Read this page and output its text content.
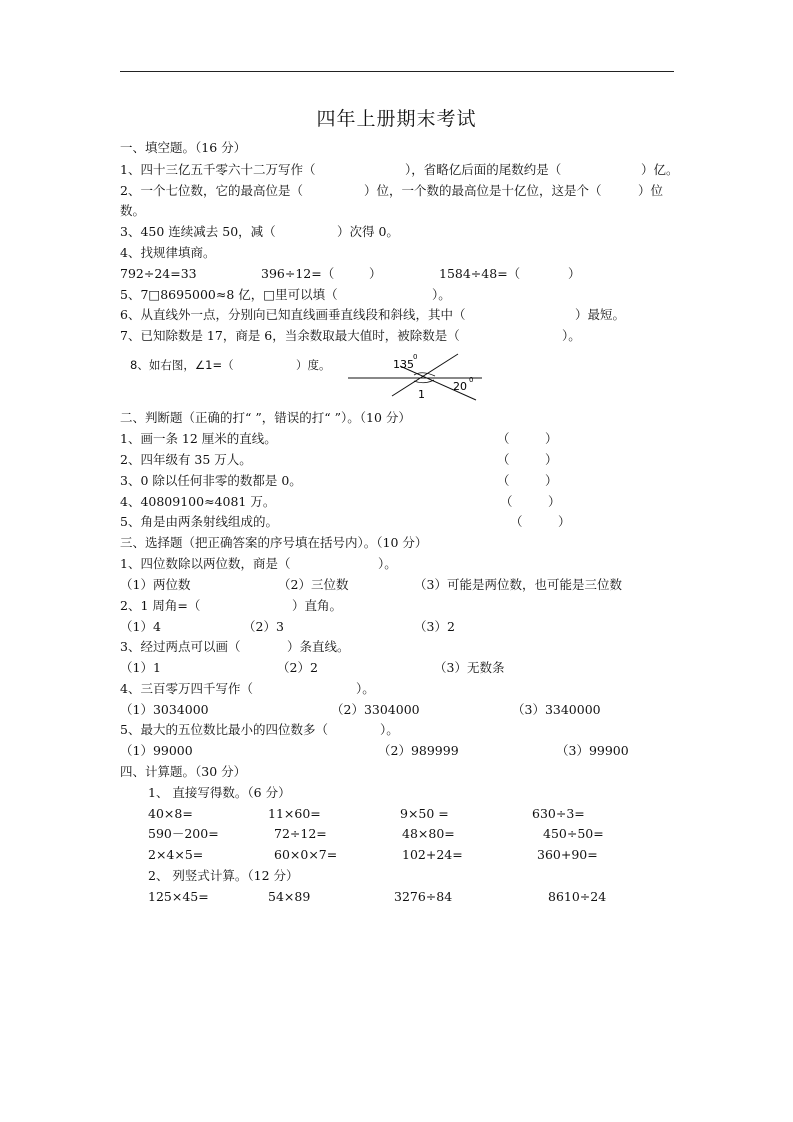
四年上册期末考试
一、填空题。（16 分）
1、四十三亿五千零六十二万写作（	），省略亿后面的尾数约是（	）亿。
2、一个七位数，它的最高位是（	）位，一个数的最高位是十亿位，这是个（	）位
数。
3、450 连续减去 50，减（	）次得 0。
4、找规律填商。
792÷24=33	396÷12=（	）	1584÷48=（	）
5、7□8695000≈8 亿，□里可以填（	）。
6、从直线外一点，分别向已知直线画垂直线段和斜线，其中（	）最短。
7、已知除数是 17，商是 6，当余数取最大值时，被除数是（	）。
8、如右图，∠1=（	）度。	135
0
20 0
1
二、判断题（正确的打“ ”，错误的打“ ”）。（10 分）
1、画一条 12 厘米的直线。	（	）
2、四年级有 35 万人。	（	）
3、0 除以任何非零的数都是 0。	（	）
4、40809100≈4081 万。	（	）
5、角是由两条射线组成的。	（	）
三、选择题（把正确答案的序号填在括号内）。（10 分）
1、四位数除以两位数，商是（	）。
（1）两位数	（2）三位数	（3）可能是两位数，也可能是三位数
2、1 周角=（	）直角。
（1）4	（2）3	（3）2
3、经过两点可以画（	）条直线。
（1）1	（2）2	（3）无数条
4、三百零万四千写作（	）。
（1）3034000	（2）3304000	（3）3340000
5、最大的五位数比最小的四位数多（	）。
（1）99000	（2）989999	（3）99900
四、计算题。（30 分）
1、 直接写得数。（6 分）
40×8=	11×60=	9×50 =	630÷3=
590－200=	72÷12=	48×80=	450÷50=
2×4×5=	60×0×7=	102+24=	360+90=
2、 列竖式计算。（12 分）
125×45=	54×89	3276÷84	8610÷24
